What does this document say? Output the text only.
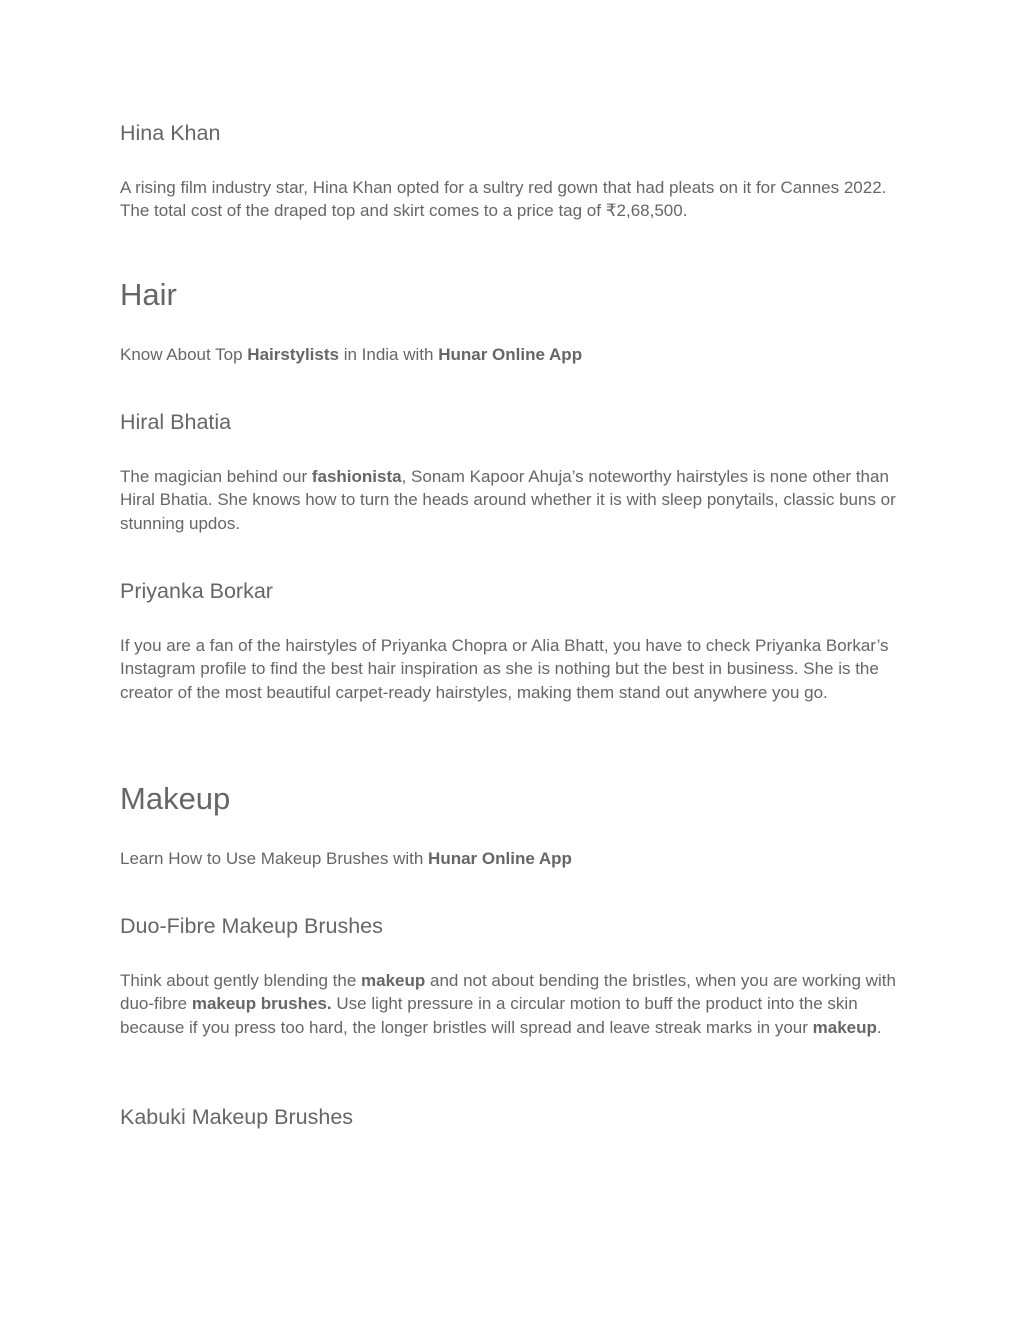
Hina Khan

A rising film industry star, Hina Khan opted for a sultry red gown that had pleats on it for Cannes 2022. The total cost of the draped top and skirt comes to a price tag of ₹2,68,500.

Hair

Know About Top Hairstylists in India with Hunar Online App

Hiral Bhatia

The magician behind our fashionista, Sonam Kapoor Ahuja’s noteworthy hairstyles is none other than Hiral Bhatia. She knows how to turn the heads around whether it is with sleep ponytails, classic buns or stunning updos.

Priyanka Borkar

If you are a fan of the hairstyles of Priyanka Chopra or Alia Bhatt, you have to check Priyanka Borkar’s Instagram profile to find the best hair inspiration as she is nothing but the best in business. She is the creator of the most beautiful carpet-ready hairstyles, making them stand out anywhere you go.

Makeup

Learn How to Use Makeup Brushes with Hunar Online App

Duo-Fibre Makeup Brushes

Think about gently blending the makeup and not about bending the bristles, when you are working with duo-fibre makeup brushes. Use light pressure in a circular motion to buff the product into the skin because if you press too hard, the longer bristles will spread and leave streak marks in your makeup.

Kabuki Makeup Brushes
